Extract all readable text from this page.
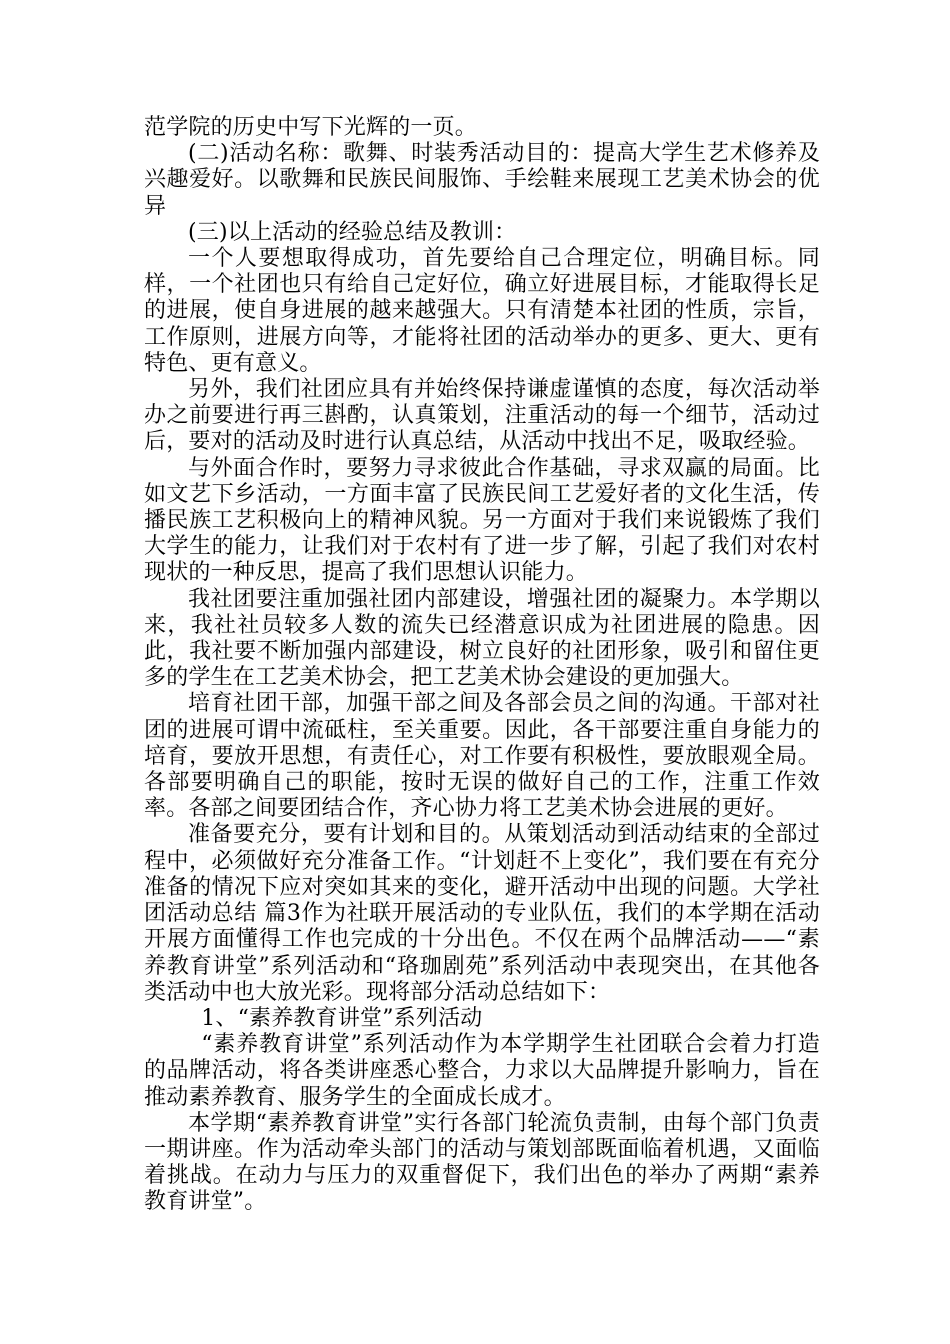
范学院的历史中写下光辉的一页。

(二)活动名称：歌舞、时装秀活动目的：提高大学生艺术修养及兴趣爱好。以歌舞和民族民间服饰、手绘鞋来展现工艺美术协会的优异

(三)以上活动的经验总结及教训：

一个人要想取得成功，首先要给自己合理定位，明确目标。同样，一个社团也只有给自己定好位，确立好进展目标，才能取得长足的进展，使自身进展的越来越强大。只有清楚本社团的性质，宗旨，工作原则，进展方向等，才能将社团的活动举办的更多、更大、更有特色、更有意义。

另外，我们社团应具有并始终保持谦虚谨慎的态度，每次活动举办之前要进行再三斟酌，认真策划，注重活动的每一个细节，活动过后，要对的活动及时进行认真总结，从活动中找出不足，吸取经验。

与外面合作时，要努力寻求彼此合作基础，寻求双赢的局面。比如文艺下乡活动，一方面丰富了民族民间工艺爱好者的文化生活，传播民族工艺积极向上的精神风貌。另一方面对于我们来说锻炼了我们大学生的能力，让我们对于农村有了进一步了解，引起了我们对农村现状的一种反思，提高了我们思想认识能力。

我社团要注重加强社团内部建设，增强社团的凝聚力。本学期以来，我社社员较多人数的流失已经潜意识成为社团进展的隐患。因此，我社要不断加强内部建设，树立良好的社团形象，吸引和留住更多的学生在工艺美术协会，把工艺美术协会建设的更加强大。

培育社团干部，加强干部之间及各部会员之间的沟通。干部对社团的进展可谓中流砥柱，至关重要。因此，各干部要注重自身能力的培育，要放开思想，有责任心，对工作要有积极性，要放眼观全局。各部要明确自己的职能，按时无误的做好自己的工作，注重工作效率。各部之间要团结合作，齐心协力将工艺美术协会进展的更好。

准备要充分，要有计划和目的。从策划活动到活动结束的全部过程中，必须做好充分准备工作。“计划赶不上变化”，我们要在有充分准备的情况下应对突如其来的变化，避开活动中出现的问题。大学社团活动总结 篇3作为社联开展活动的专业队伍，我们的本学期在活动开展方面懂得工作也完成的十分出色。不仅在两个品牌活动——“素养教育讲堂”系列活动和“珞珈剧苑”系列活动中表现突出，在其他各类活动中也大放光彩。现将部分活动总结如下：

1、“素养教育讲堂”系列活动

“素养教育讲堂”系列活动作为本学期学生社团联合会着力打造的品牌活动，将各类讲座悉心整合，力求以大品牌提升影响力，旨在推动素养教育、服务学生的全面成长成才。

本学期“素养教育讲堂”实行各部门轮流负责制，由每个部门负责一期讲座。作为活动牵头部门的活动与策划部既面临着机遇，又面临着挑战。在动力与压力的双重督促下，我们出色的举办了两期“素养教育讲堂”。
